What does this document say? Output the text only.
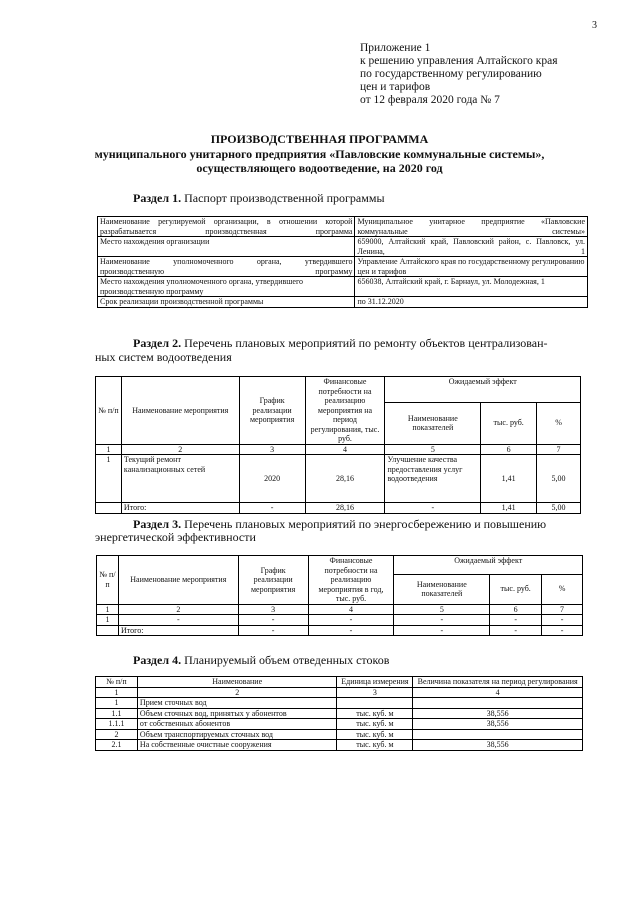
3
Приложение 1
к решению управления Алтайского края
по государственному регулированию
цен и тарифов
от 12 февраля 2020 года № 7
ПРОИЗВОДСТВЕННАЯ ПРОГРАММА
муниципального унитарного предприятия «Павловские коммунальные системы»,
осуществляющего водоотведение, на 2020 год
Раздел 1. Паспорт производственной программы
Наименование регулируемой организации, в отношении которой разрабатывается производственная программа	Муниципальное унитарное предприятие «Павловские коммунальные системы»
Место нахождения организации	659000, Алтайский край, Павловский район, с. Павловск, ул. Ленина, 1
Наименование уполномоченного органа, утвердившего производственную программу	Управление Алтайского края по государственному регулированию цен и тарифов
Место нахождения уполномоченного органа, утвердившего производственную программу	656038, Алтайский край, г. Барнаул, ул. Молодежная, 1
Срок реализации производственной программы	по 31.12.2020
Раздел 2. Перечень плановых мероприятий по ремонту объектов централизован-
ных систем водоотведения
№ п/п	Наименование мероприятия	График реализации мероприятия	Финансовые потребности на реализацию мероприятия на период регулирования, тыс. руб.	Ожидаемый эффект		
				Наименование показателей	тыс. руб.	%
1	2	3	4	5	6	7
1	Текущий ремонт канализационных сетей	2020	28,16	Улучшение качества предоставления услуг водоотведения	1,41	5,00
	Итого:	-	28,16	-	1,41	5,00
Раздел 3. Перечень плановых мероприятий по энергосбережению и повышению
энергетической эффективности
№ п/п	Наименование мероприятия	График реализации мероприятия	Финансовые потребности на реализацию мероприятия в год, тыс. руб.	Ожидаемый эффект		
				Наименование показателей	тыс. руб.	%
1	2	3	4	5	6	7
1	-	-	-	-	-	-
	Итого:	-	-	-	-	-
Раздел 4. Планируемый объем отведенных стоков
№ п/п	Наименование	Единица измерения	Величина показателя на период регулирования
1	2	3	4
1	Прием сточных вод		
1.1	Объем сточных вод, принятых у абонентов	тыс. куб. м	38,556
1.1.1	от собственных абонентов	тыс. куб. м	38,556
2	Объем транспортируемых сточных вод	тыс. куб. м	
2.1	На собственные очистные сооружения	тыс. куб. м	38,556
